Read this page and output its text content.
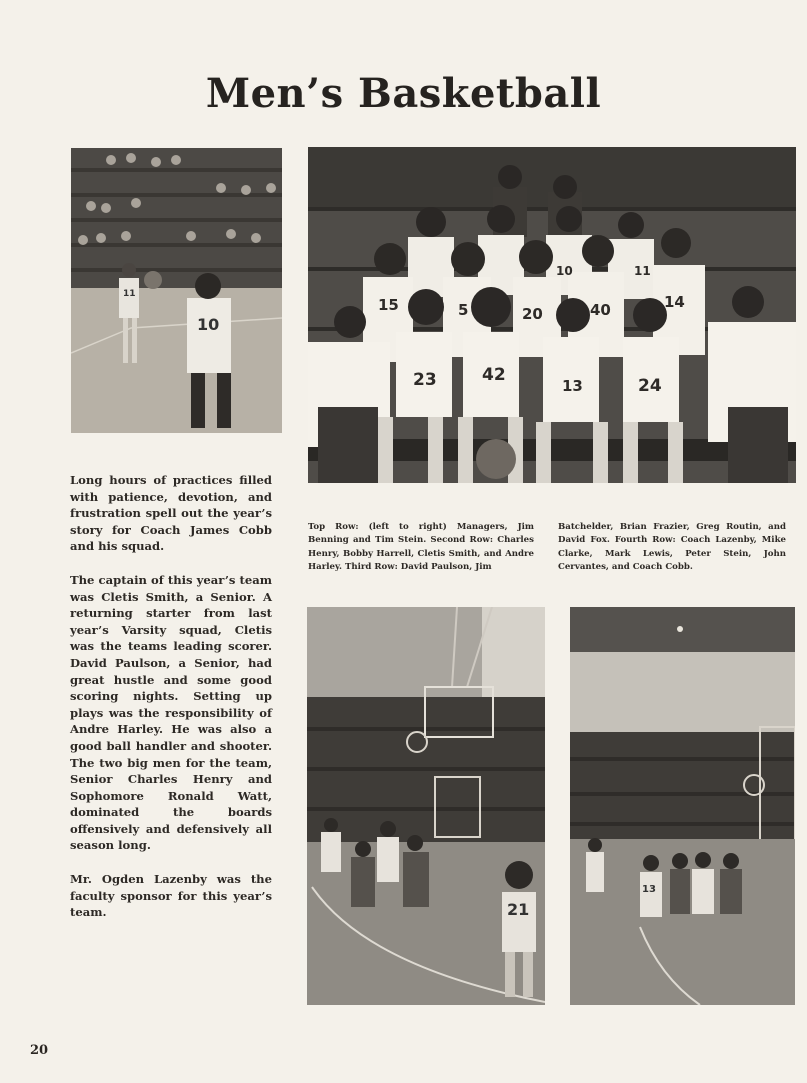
Men’s Basketball
11
10
15	5	20	40	14
23	42
13	24
10	11

Long hours of practices filled with patience, devotion, and frustration spell out the year’s story for Coach James Cobb and his squad.

The captain of this year’s team was Cletis Smith, a Senior. A returning starter from last year’s Varsity squad, Cletis was the teams leading scorer. David Paulson, a Senior, had great hustle and some good scoring nights. Setting up plays was the responsibility of Andre Harley. He was also a good ball handler and shooter. The two big men for the team, Senior Charles Henry and Sophomore Ronald Watt, dominated the boards offensively and defensively all season long.

Mr. Ogden Lazenby was the faculty sponsor for this year’s team.

Top Row: (left to right) Managers, Jim Benning and Tim Stein. Second Row: Charles Henry, Bobby Harrell, Cletis Smith, and Andre Harley. Third Row: David Paulson, Jim
Batchelder, Brian Frazier, Greg Routin, and David Fox. Fourth Row: Coach Lazenby, Mike Clarke, Mark Lewis, Peter Stein, John Cervantes, and Coach Cobb.
21
13
20
